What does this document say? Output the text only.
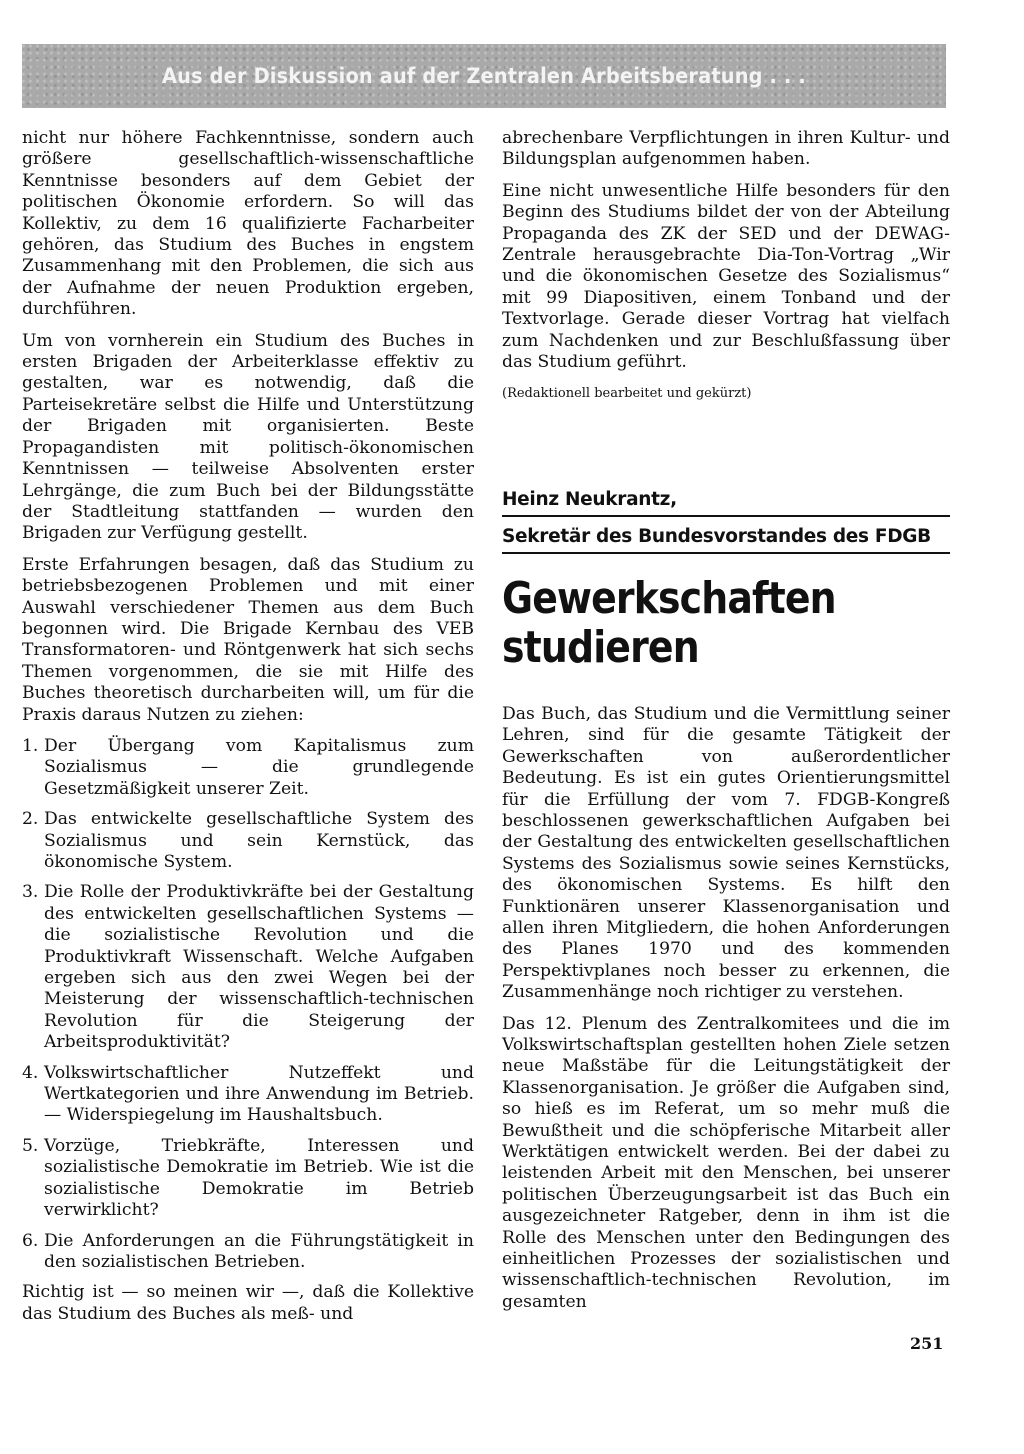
Aus der Diskussion auf der Zentralen Arbeitsberatung . . .

nicht nur höhere Fachkenntnisse, sondern auch größere gesellschaftlich-wissenschaftliche Kenntnisse besonders auf dem Gebiet der politischen Ökonomie erfordern. So will das Kollektiv, zu dem 16 qualifizierte Facharbeiter gehören, das Studium des Buches in engstem Zusammenhang mit den Problemen, die sich aus der Aufnahme der neuen Produktion ergeben, durchführen.

Um von vornherein ein Studium des Buches in ersten Brigaden der Arbeiterklasse effektiv zu gestalten, war es notwendig, daß die Parteisekretäre selbst die Hilfe und Unterstützung der Brigaden mit organisierten. Beste Propagandisten mit politisch-ökonomischen Kenntnissen — teilweise Absolventen erster Lehrgänge, die zum Buch bei der Bildungsstätte der Stadtleitung stattfanden — wurden den Brigaden zur Verfügung gestellt.

Erste Erfahrungen besagen, daß das Studium zu betriebsbezogenen Problemen und mit einer Auswahl verschiedener Themen aus dem Buch begonnen wird. Die Brigade Kernbau des VEB Transformatoren- und Röntgenwerk hat sich sechs Themen vorgenommen, die sie mit Hilfe des Buches theoretisch durcharbeiten will, um für die Praxis daraus Nutzen zu ziehen:

1. Der Übergang vom Kapitalismus zum Sozialismus — die grundlegende Gesetzmäßigkeit unserer Zeit.
2. Das entwickelte gesellschaftliche System des Sozialismus und sein Kernstück, das ökonomische System.
3. Die Rolle der Produktivkräfte bei der Gestaltung des entwickelten gesellschaftlichen Systems — die sozialistische Revolution und die Produktivkraft Wissenschaft. Welche Aufgaben ergeben sich aus den zwei Wegen bei der Meisterung der wissenschaftlich-technischen Revolution für die Steigerung der Arbeitsproduktivität?
4. Volkswirtschaftlicher Nutzeffekt und Wertkategorien und ihre Anwendung im Betrieb. — Widerspiegelung im Haushaltsbuch.
5. Vorzüge, Triebkräfte, Interessen und sozialistische Demokratie im Betrieb. Wie ist die sozialistische Demokratie im Betrieb verwirklicht?
6. Die Anforderungen an die Führungstätigkeit in den sozialistischen Betrieben.

Richtig ist — so meinen wir —, daß die Kollektive das Studium des Buches als meß- und

abrechenbare Verpflichtungen in ihren Kultur- und Bildungsplan aufgenommen haben.

Eine nicht unwesentliche Hilfe besonders für den Beginn des Studiums bildet der von der Abteilung Propaganda des ZK der SED und der DEWAG-Zentrale herausgebrachte Dia-Ton-Vortrag „Wir und die ökonomischen Gesetze des Sozialismus“ mit 99 Diapositiven, einem Tonband und der Textvorlage. Gerade dieser Vortrag hat vielfach zum Nachdenken und zur Beschlußfassung über das Studium geführt.

(Redaktionell bearbeitet und gekürzt)

Heinz Neukrantz,
Sekretär des Bundesvorstandes des FDGB
Gewerkschaften
studieren

Das Buch, das Studium und die Vermittlung seiner Lehren, sind für die gesamte Tätigkeit der Gewerkschaften von außerordentlicher Bedeutung. Es ist ein gutes Orientierungsmittel für die Erfüllung der vom 7. FDGB-Kongreß beschlossenen gewerkschaftlichen Aufgaben bei der Gestaltung des entwickelten gesellschaftlichen Systems des Sozialismus sowie seines Kernstücks, des ökonomischen Systems. Es hilft den Funktionären unserer Klassenorganisation und allen ihren Mitgliedern, die hohen Anforderungen des Planes 1970 und des kommenden Perspektivplanes noch besser zu erkennen, die Zusammenhänge noch richtiger zu verstehen.

Das 12. Plenum des Zentralkomitees und die im Volkswirtschaftsplan gestellten hohen Ziele setzen neue Maßstäbe für die Leitungstätigkeit der Klassenorganisation. Je größer die Aufgaben sind, so hieß es im Referat, um so mehr muß die Bewußtheit und die schöpferische Mitarbeit aller Werktätigen entwickelt werden. Bei der dabei zu leistenden Arbeit mit den Menschen, bei unserer politischen Überzeugungsarbeit ist das Buch ein ausgezeichneter Ratgeber, denn in ihm ist die Rolle des Menschen unter den Bedingungen des einheitlichen Prozesses der sozialistischen und wissenschaftlich-technischen Revolution, im gesamten

251
